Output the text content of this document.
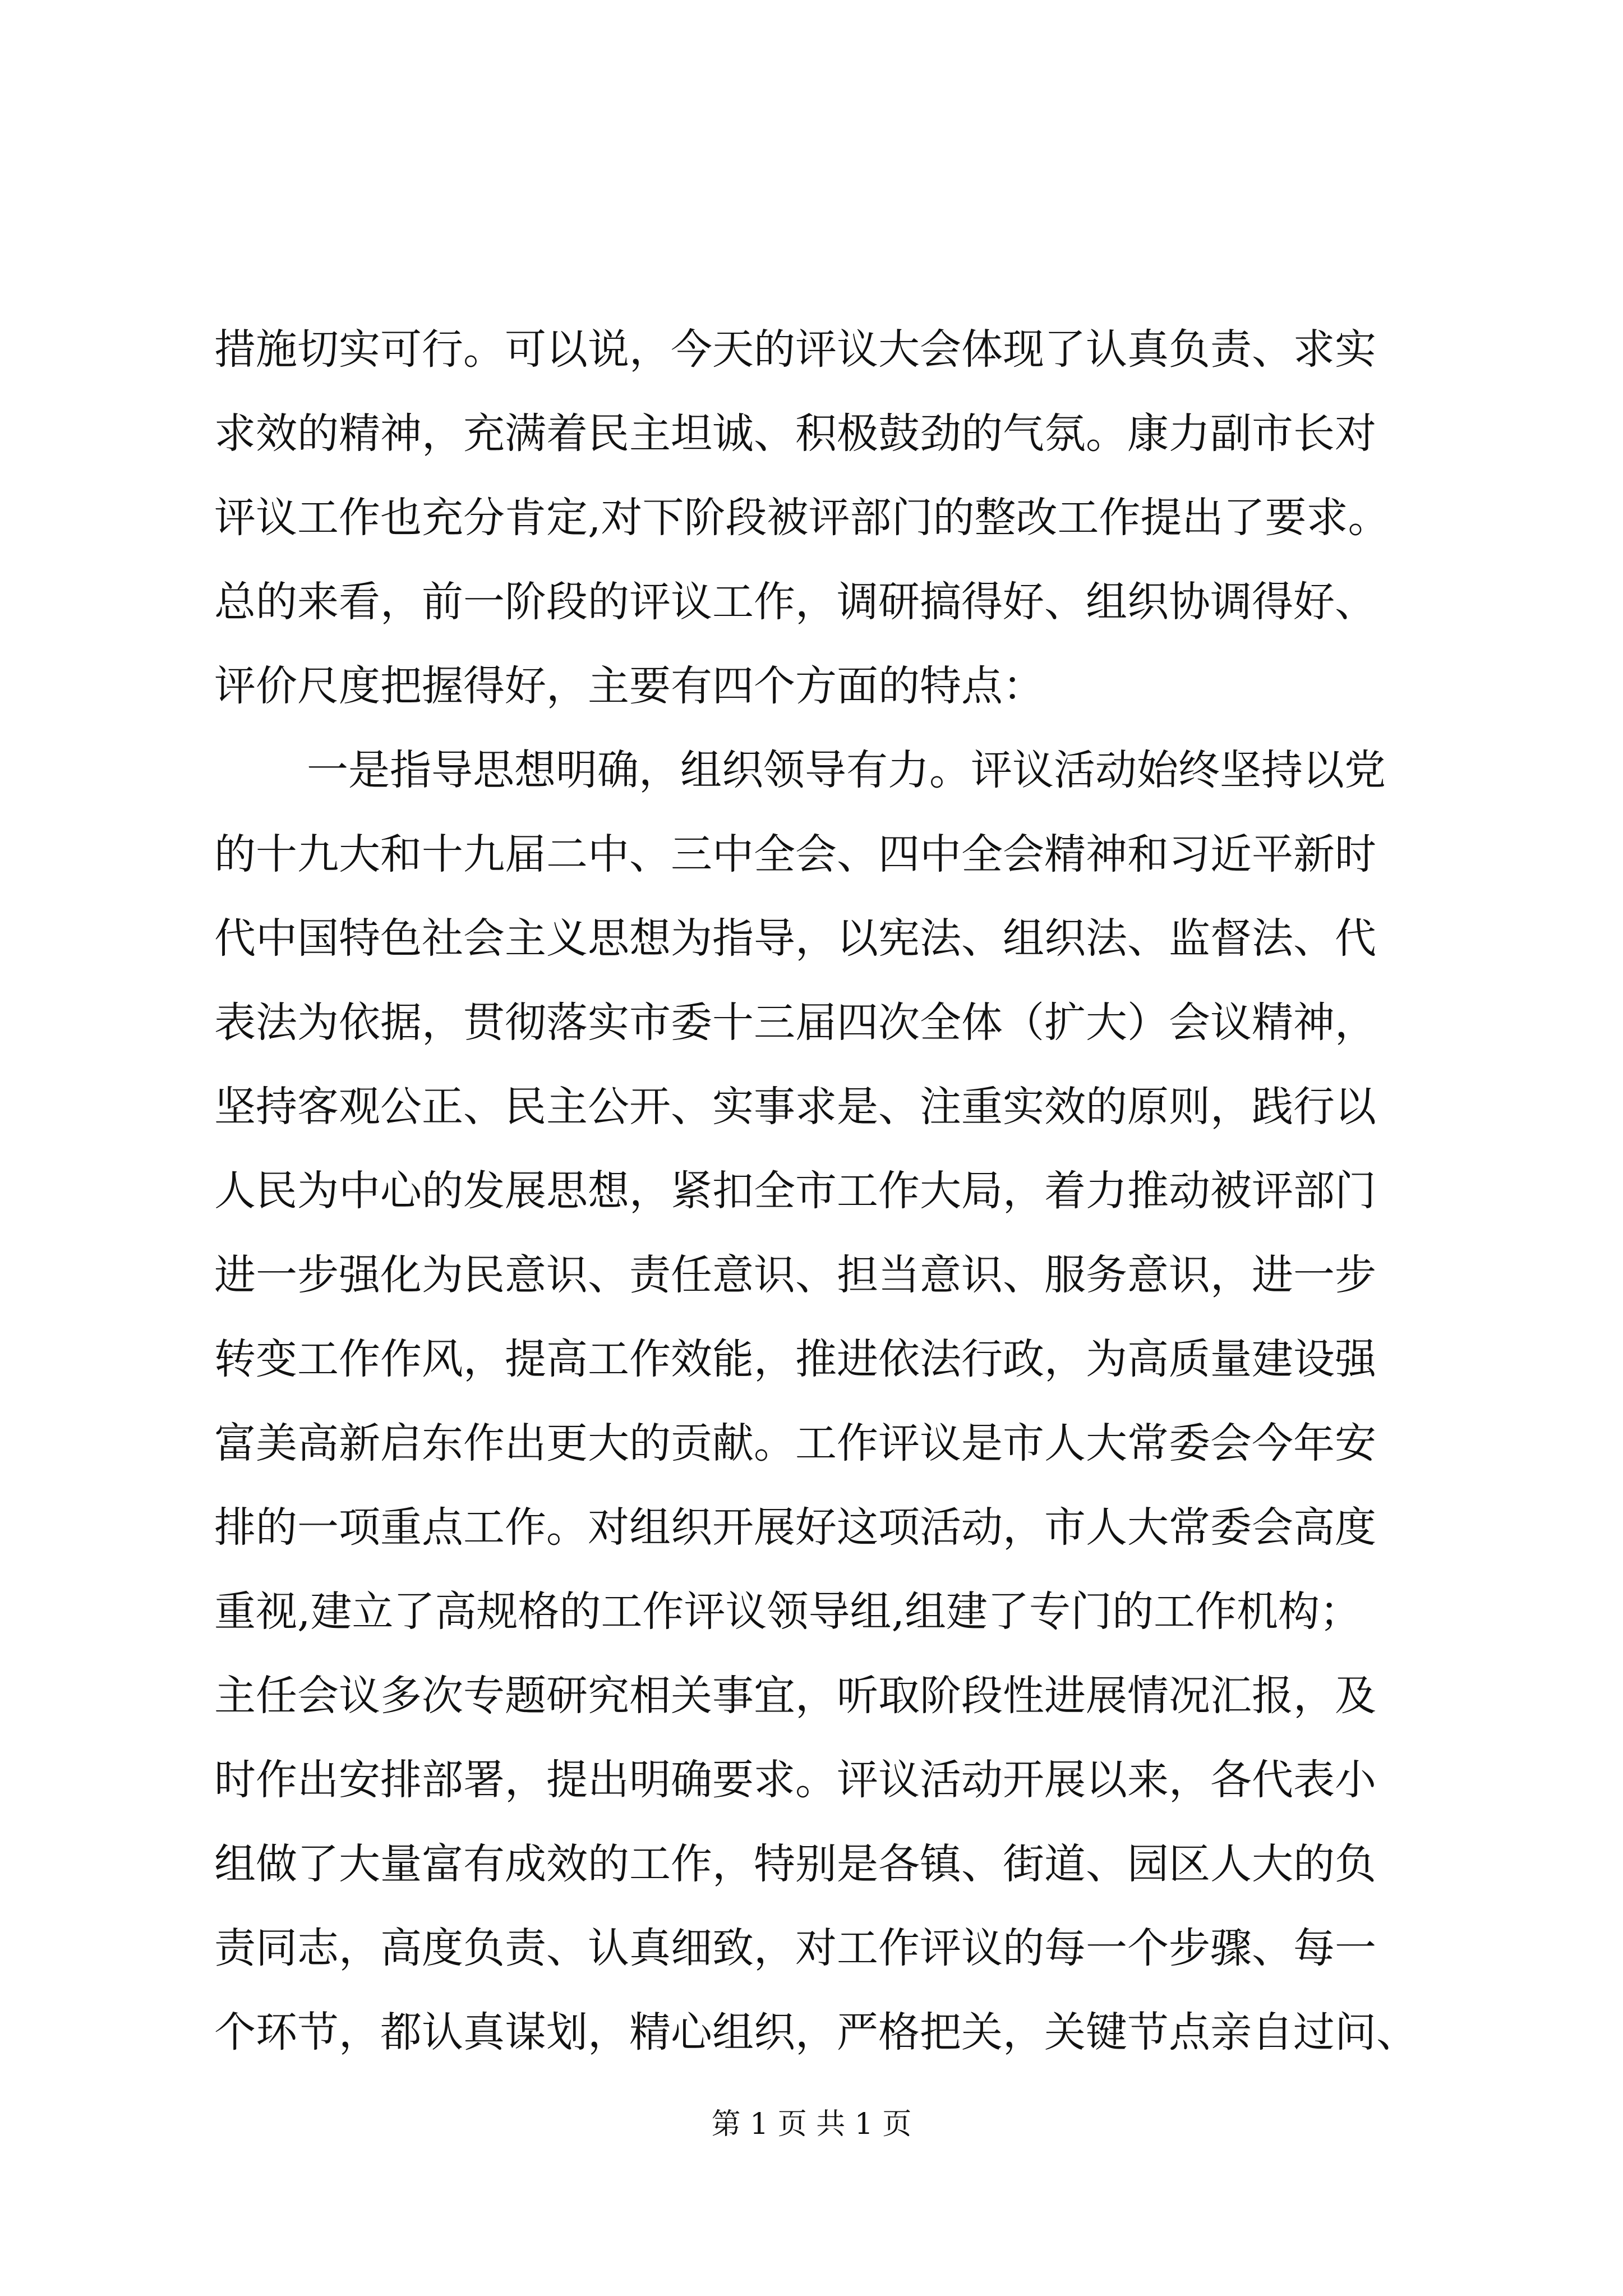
措施切实可行。可以说，今天的评议大会体现了认真负责、求实
求效的精神，充满着民主坦诚、积极鼓劲的气氛。康力副市长对
评议工作也充分肯定,对下阶段被评部门的整改工作提出了要求。
总的来看，前一阶段的评议工作，调研搞得好、组织协调得好、
评价尺度把握得好，主要有四个方面的特点：
一是指导思想明确，组织领导有力。评议活动始终坚持以党
的十九大和十九届二中、三中全会、四中全会精神和习近平新时
代中国特色社会主义思想为指导，以宪法、组织法、监督法、代
表法为依据，贯彻落实市委十三届四次全体（扩大）会议精神，
坚持客观公正、民主公开、实事求是、注重实效的原则，践行以
人民为中心的发展思想，紧扣全市工作大局，着力推动被评部门
进一步强化为民意识、责任意识、担当意识、服务意识，进一步
转变工作作风，提高工作效能，推进依法行政，为高质量建设强
富美高新启东作出更大的贡献。工作评议是市人大常委会今年安
排的一项重点工作。对组织开展好这项活动，市人大常委会高度
重视,建立了高规格的工作评议领导组,组建了专门的工作机构；
主任会议多次专题研究相关事宜，听取阶段性进展情况汇报，及
时作出安排部署，提出明确要求。评议活动开展以来，各代表小
组做了大量富有成效的工作，特别是各镇、街道、园区人大的负
责同志，高度负责、认真细致，对工作评议的每一个步骤、每一
个环节，都认真谋划，精心组织，严格把关，关键节点亲自过问、
第 1 页 共 1 页
